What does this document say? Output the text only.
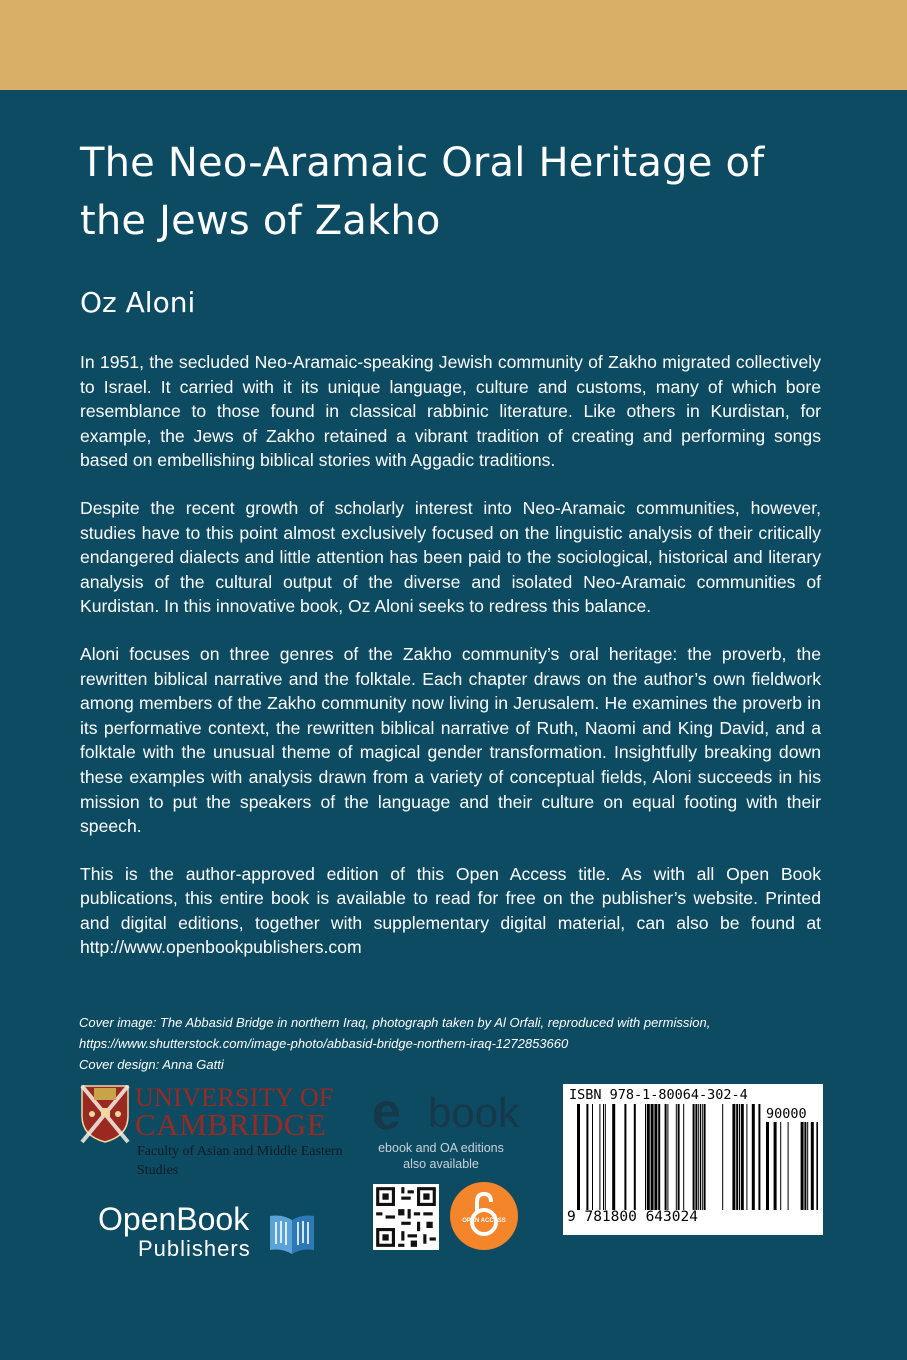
The Neo-Aramaic Oral Heritage of
the Jews of Zakho
Oz Aloni

In 1951, the secluded Neo-Aramaic-speaking Jewish community of Zakho migrated collectively to Israel. It carried with it its unique language, culture and customs, many of which bore resemblance to those found in classical rabbinic literature. Like others in Kurdistan, for example, the Jews of Zakho retained a vibrant tradition of creating and performing songs based on embellishing biblical stories with Aggadic traditions.

Despite the recent growth of scholarly interest into Neo-Aramaic communities, however, studies have to this point almost exclusively focused on the linguistic analysis of their critically endangered dialects and little attention has been paid to the sociological, historical and literary analysis of the cultural output of the diverse and isolated Neo-Aramaic communities of Kurdistan. In this innovative book, Oz Aloni seeks to redress this balance.

Aloni focuses on three genres of the Zakho community’s oral heritage: the proverb, the rewritten biblical narrative and the folktale. Each chapter draws on the author’s own fieldwork among members of the Zakho community now living in Jerusalem. He examines the proverb in its performative context, the rewritten biblical narrative of Ruth, Naomi and King David, and a folktale with the unusual theme of magical gender transformation. Insightfully breaking down these examples with analysis drawn from a variety of conceptual fields, Aloni succeeds in his mission to put the speakers of the language and their culture on equal footing with their speech.

This is the author-approved edition of this Open Access title. As with all Open Book publications, this entire book is available to read for free on the publisher’s website. Printed and digital editions, together with supplementary digital material, can also be found at http://www.openbookpublishers.com

Cover image: The Abbasid Bridge in northern Iraq, photograph taken by Al Orfali, reproduced with permission,
https://www.shutterstock.com/image-photo/abbasid-bridge-northern-iraq-1272853660
Cover design: Anna Gatti
UNIVERSITY OF
CAMBRIDGE
Faculty of Asian and Middle Eastern Studies
OpenBook
Publishers
e book
ebook and OA editions also available
OPEN ACCESS
ISBN 978-1-80064-302-4
90000
9 781800 643024
